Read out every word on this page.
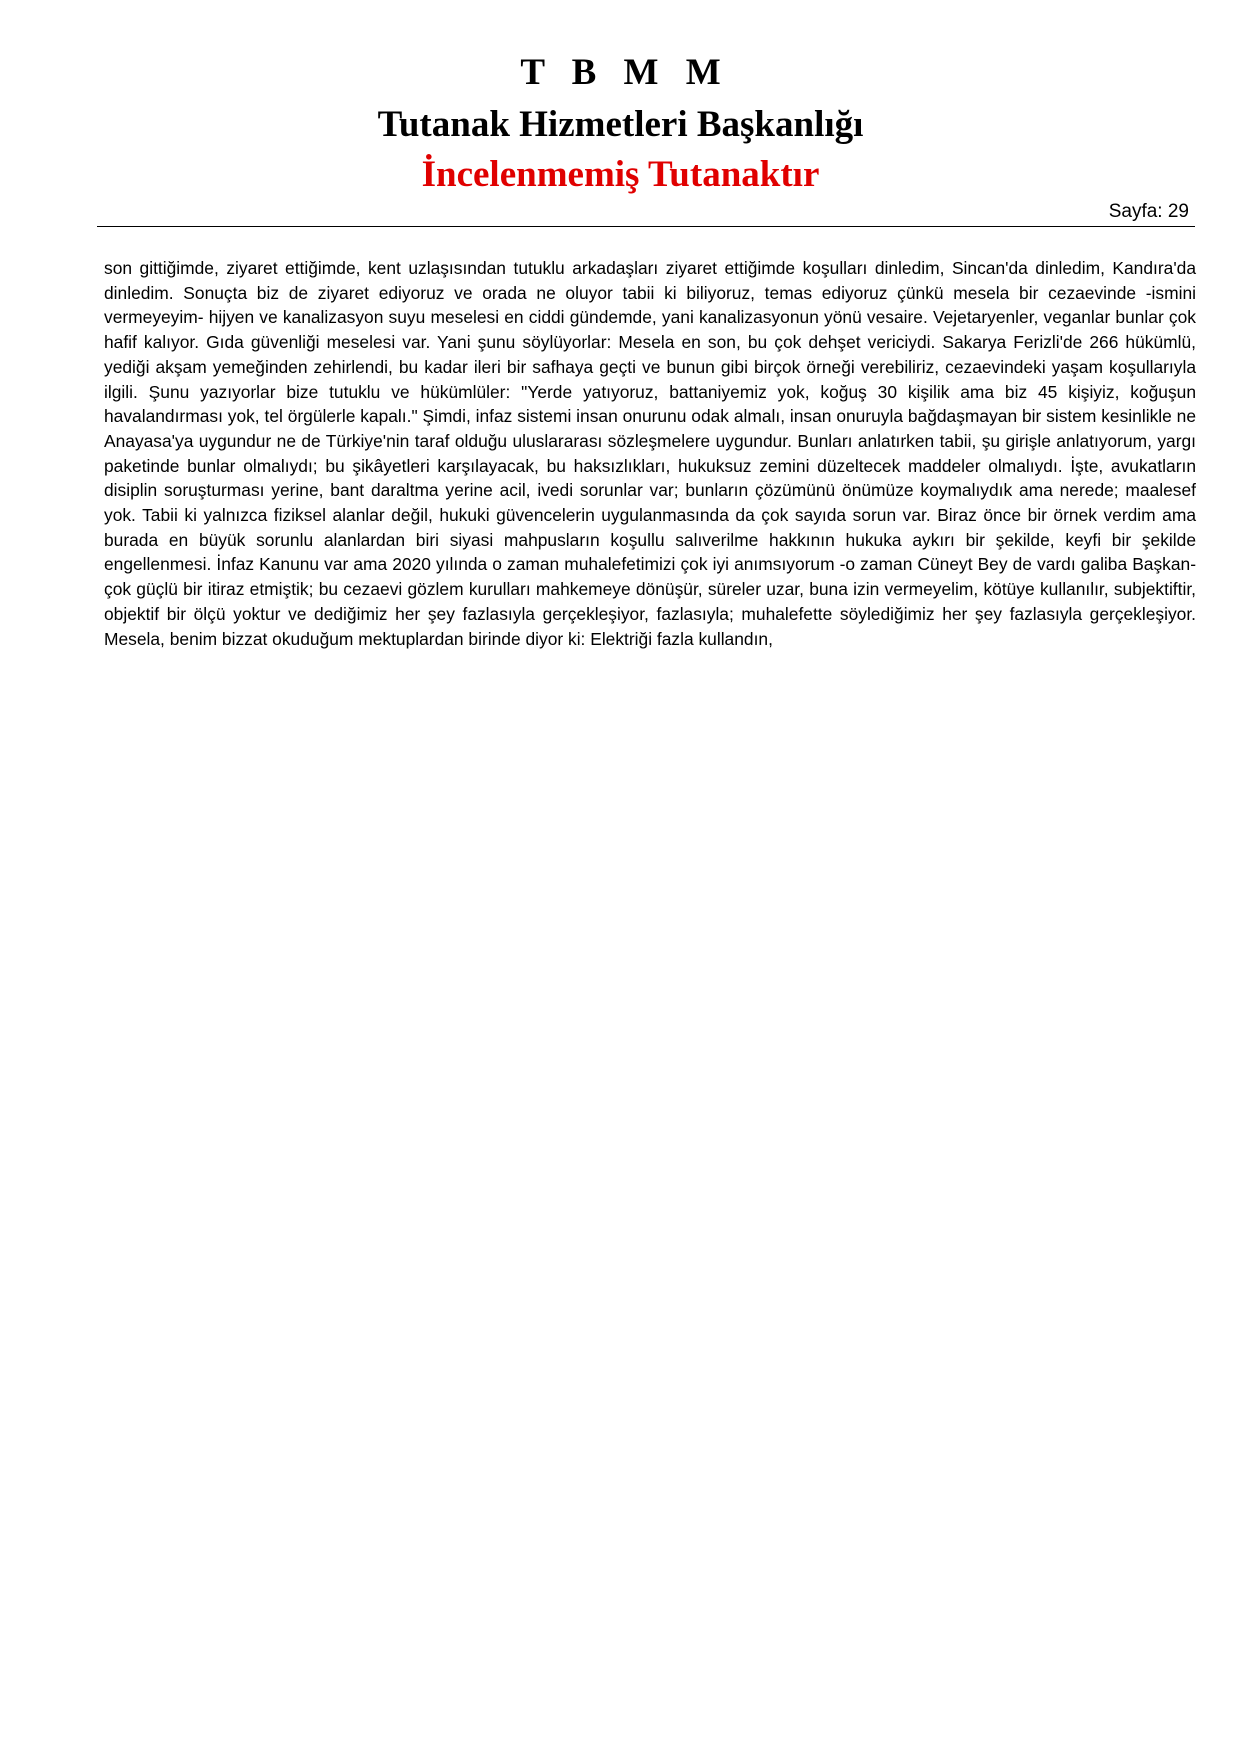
T B M M
Tutanak Hizmetleri Başkanlığı
İncelenmemiş Tutanaktır
Sayfa: 29

son gittiğimde, ziyaret ettiğimde, kent uzlaşısından tutuklu arkadaşları ziyaret ettiğimde koşulları dinledim, Sincan'da dinledim, Kandıra'da dinledim. Sonuçta biz de ziyaret ediyoruz ve orada ne oluyor tabii ki biliyoruz, temas ediyoruz çünkü mesela bir cezaevinde -ismini vermeyeyim- hijyen ve kanalizasyon suyu meselesi en ciddi gündemde, yani kanalizasyonun yönü vesaire. Vejetaryenler, veganlar bunlar çok hafif kalıyor. Gıda güvenliği meselesi var. Yani şunu söylüyorlar: Mesela en son, bu çok dehşet vericiydi. Sakarya Ferizli'de 266 hükümlü, yediği akşam yemeğinden zehirlendi, bu kadar ileri bir safhaya geçti ve bunun gibi birçok örneği verebiliriz, cezaevindeki yaşam koşullarıyla ilgili. Şunu yazıyorlar bize tutuklu ve hükümlüler: "Yerde yatıyoruz, battaniyemiz yok, koğuş 30 kişilik ama biz 45 kişiyiz, koğuşun havalandırması yok, tel örgülerle kapalı." Şimdi, infaz sistemi insan onurunu odak almalı, insan onuruyla bağdaşmayan bir sistem kesinlikle ne Anayasa'ya uygundur ne de Türkiye'nin taraf olduğu uluslararası sözleşmelere uygundur. Bunları anlatırken tabii, şu girişle anlatıyorum, yargı paketinde bunlar olmalıydı; bu şikâyetleri karşılayacak, bu haksızlıkları, hukuksuz zemini düzeltecek maddeler olmalıydı. İşte, avukatların disiplin soruşturması yerine, bant daraltma yerine acil, ivedi sorunlar var; bunların çözümünü önümüze koymalıydık ama nerede; maalesef yok. Tabii ki yalnızca fiziksel alanlar değil, hukuki güvencelerin uygulanmasında da çok sayıda sorun var. Biraz önce bir örnek verdim ama burada en büyük sorunlu alanlardan biri siyasi mahpusların koşullu salıverilme hakkının hukuka aykırı bir şekilde, keyfi bir şekilde engellenmesi. İnfaz Kanunu var ama 2020 yılında o zaman muhalefetimizi çok iyi anımsıyorum -o zaman Cüneyt Bey de vardı galiba Başkan- çok güçlü bir itiraz etmiştik; bu cezaevi gözlem kurulları mahkemeye dönüşür, süreler uzar, buna izin vermeyelim, kötüye kullanılır, subjektiftir, objektif bir ölçü yoktur ve dediğimiz her şey fazlasıyla gerçekleşiyor, fazlasıyla; muhalefette söylediğimiz her şey fazlasıyla gerçekleşiyor. Mesela, benim bizzat okuduğum mektuplardan birinde diyor ki: Elektriği fazla kullandın,
